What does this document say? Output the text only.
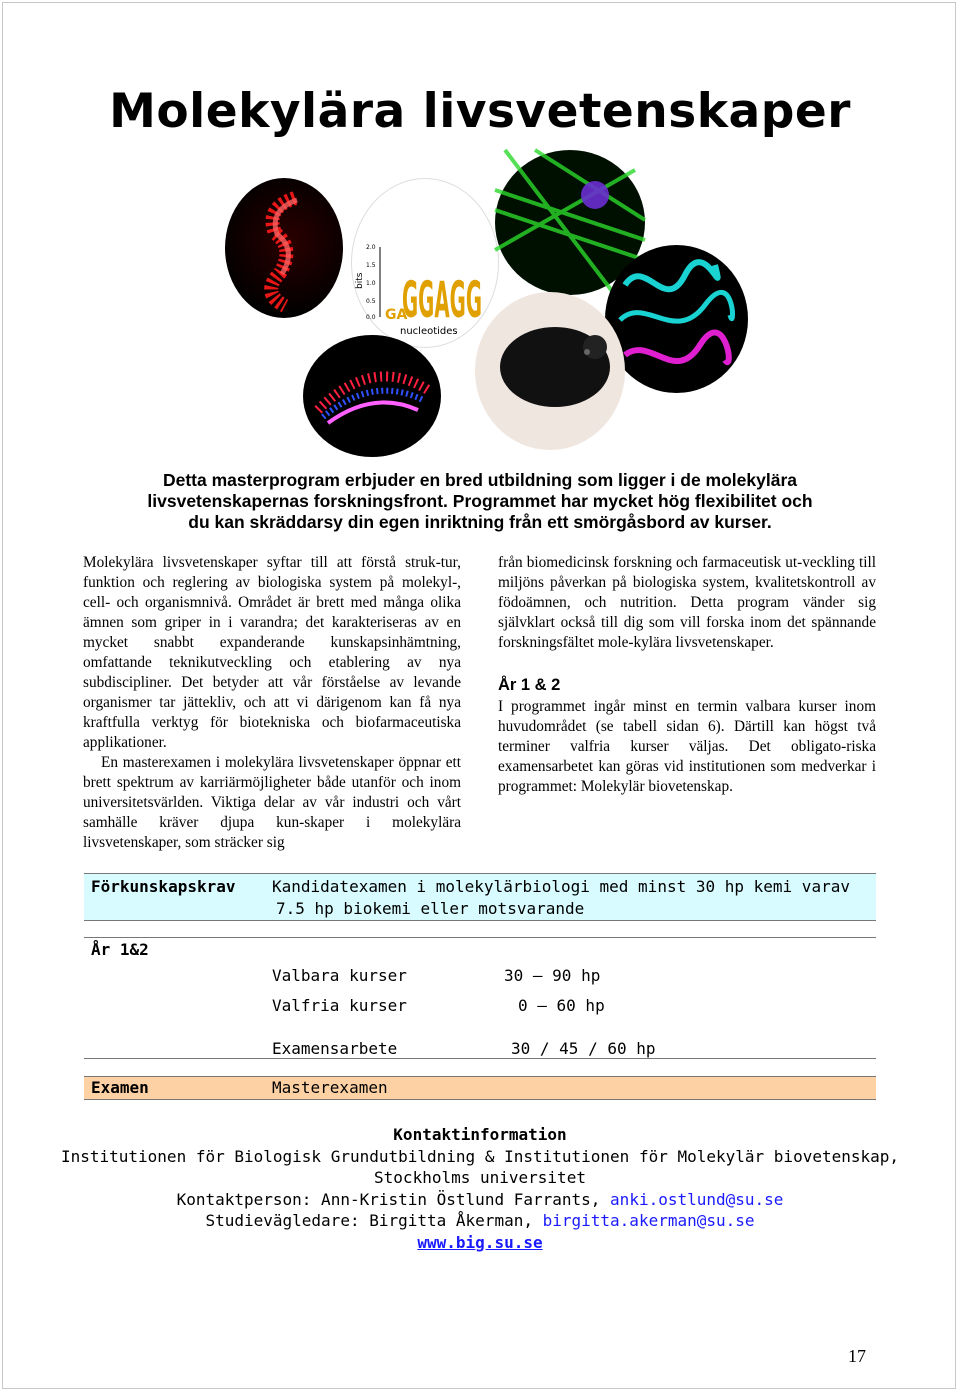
Molekylära livsvetenskaper
bits
2.0
1.5
1.0
0.5
0.0 GA
GGAGG
nucleotides
Detta masterprogram erbjuder en bred utbildning som ligger i de molekylära
livsvetenskapernas forskningsfront. Programmet har mycket hög flexibilitet och
du kan skräddarsy din egen inriktning från ett smörgåsbord av kurser.

Molekylära livsvetenskaper syftar till att förstå struk-tur, funktion och reglering av biologiska system på molekyl-, cell- och organismnivå. Området är brett med många olika ämnen som griper in i varandra; det karakteriseras av en mycket snabbt expanderande kunskapsinhämtning, omfattande teknikutveckling och etablering av nya subdiscipliner. Det betyder att vår förståelse av levande organismer tar jättekliv, och att vi därigenom kan få nya kraftfulla verktyg för biotekniska och biofarmaceutiska applikationer.

En masterexamen i molekylära livsvetenskaper öppnar ett brett spektrum av karriärmöjligheter både utanför och inom universitetsvärlden. Viktiga delar av vår industri och vårt samhälle kräver djupa kun-skaper i molekylära livsvetenskaper, som sträcker sig

från biomedicinsk forskning och farmaceutisk ut-veckling till miljöns påverkan på biologiska system, kvalitetskontroll av födoämnen, och nutrition. Detta program vänder sig självklart också till dig som vill forska inom det spännande forskningsfältet mole-kylära livsvetenskaper.

År 1 & 2

I programmet ingår minst en termin valbara kurser inom huvudområdet (se tabell sidan 6). Därtill kan högst två terminer valfria kurser väljas. Det obligato-riska examensarbetet kan göras vid institutionen som medverkar i programmet: Molekylär biovetenskap.

Förkunskapskrav Kandidatexamen i molekylärbiologi med minst 30 hp kemi varav
7.5 hp biokemi eller motsvarande
År 1&2
Valbara kurser	30 – 90 hp
Valfria kurser	0 – 60 hp
Examensarbete	30 / 45 / 60 hp
Examen	Masterexamen
Kontaktinformation
Institutionen för Biologisk Grundutbildning & Institutionen för Molekylär biovetenskap,
Stockholms universitet
Kontaktperson: Ann-Kristin Östlund Farrants, anki.ostlund@su.se
Studievägledare: Birgitta Åkerman, birgitta.akerman@su.se
www.big.su.se
17
